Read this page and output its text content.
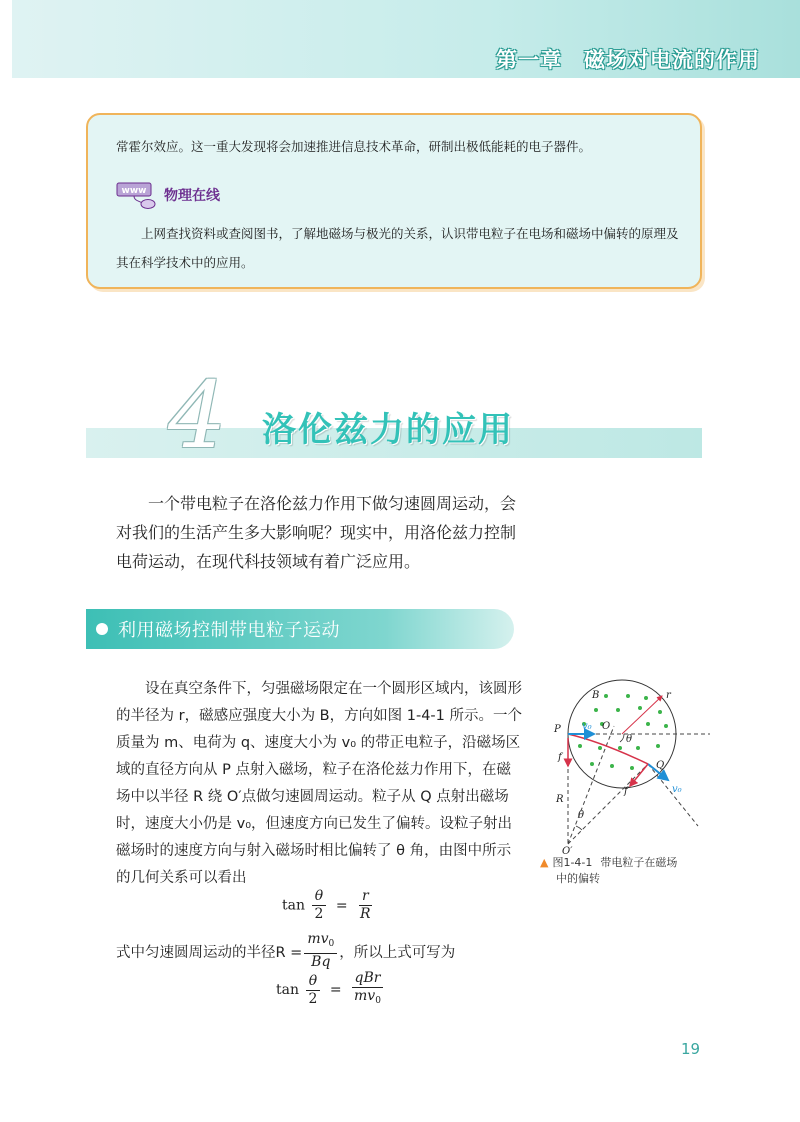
第一章 磁场对电流的作用

常霍尔效应。这一重大发现将会加速推进信息技术革命，研制出极低能耗的电子器件。

www 物理在线

上网查找资料或查阅图书，了解地磁场与极光的关系，认识带电粒子在电场和磁场中偏转的原理及其在科学技术中的应用。

4 洛伦兹力的应用

一个带电粒子在洛伦兹力作用下做匀速圆周运动，会对我们的生活产生多大影响呢？现实中，用洛伦兹力控制电荷运动，在现代科技领域有着广泛应用。

利用磁场控制带电粒子运动

设在真空条件下，匀强磁场限定在一个圆形区域内，该圆形的半径为 r，磁感应强度大小为 B，方向如图 1-4-1 所示。一个质量为 m、电荷为 q、速度大小为 v₀ 的带正电粒子，沿磁场区域的直径方向从 P 点射入磁场，粒子在洛伦兹力作用下，在磁场中以半径 R 绕 O′点做匀速圆周运动。粒子从 Q 点射出磁场时，速度大小仍是 v₀，但速度方向已发生了偏转。设粒子射出磁场时的速度方向与射入磁场时相比偏转了 θ 角，由图中所示的几何关系可以看出

$\tan \frac{\theta}{2} = \frac{r}{R}$
式中匀速圆周运动的半径$R = \frac{mv_0}{Bq}$ ，所以上式可写为
$\tan \frac{\theta}{2} = \frac{\text{qBr}}{mv_0}$
B	r
P v₀ O
θ
f
Q
v₀
f
R
θ
O′
▲ 图1-4-1 带电粒子在磁场
中的偏转
19
